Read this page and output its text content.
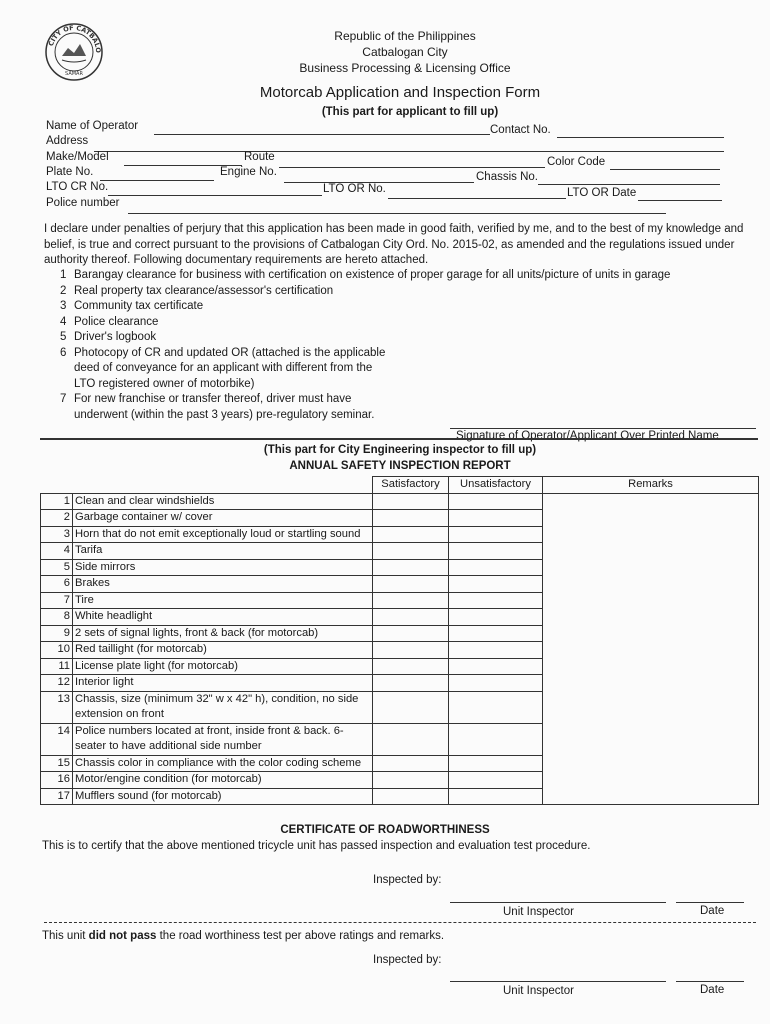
CITY OF CATBALO
SAMAR
Republic of the Philippines
Catbalogan City
Business Processing & Licensing Office
Motorcab Application and Inspection Form
(This part for applicant to fill up)
Name of Operator	Contact No.
Address
Make/Model	Route	Color Code
Plate No.	Engine No.	Chassis No.
LTO CR No.	LTO OR No.	LTO OR Date
Police number
I declare under penalties of perjury that this application has been made in good faith, verified by me, and to the best of my knowledge and belief, is true and correct pursuant to the provisions of Catbalogan City Ord. No. 2015-02, as amended and the regulations issued under authority thereof. Following documentary requirements are hereto attached.
1 Barangay clearance for business with certification on existence of proper garage for all units/picture of units in garage
2 Real property tax clearance/assessor's certification
3 Community tax certificate
4 Police clearance
5 Driver's logbook
6 Photocopy of CR and updated OR (attached is the applicable deed of conveyance for an applicant with different from the LTO registered owner of motorbike)
7 For new franchise or transfer thereof, driver must have underwent (within the past 3 years) pre-regulatory seminar.
Signature of Operator/Applicant Over Printed Name
(This part for City Engineering inspector to fill up)
ANNUAL SAFETY INSPECTION REPORT
		Satisfactory	Unsatisfactory	Remarks
1	Clean and clear windshields			
2	Garbage container w/ cover			
3	Horn that do not emit exceptionally loud or startling sound			
4	Tarifa			
5	Side mirrors			
6	Brakes			
7	Tire			
8	White headlight			
9	2 sets of signal lights, front & back (for motorcab)			
10	Red taillight (for motorcab)			
11	License plate light (for motorcab)			
12	Interior light			
13	Chassis, size (minimum 32" w x 42" h), condition, no side extension on front			
14	Police numbers located at front, inside front & back. 6-seater to have additional side number			
15	Chassis color in compliance with the color coding scheme			
16	Motor/engine condition (for motorcab)			
17	Mufflers sound (for motorcab)			
CERTIFICATE OF ROADWORTHINESS
This is to certify that the above mentioned tricycle unit has passed inspection and evaluation test procedure.
Inspected by:
Unit Inspector	Date
This unit did not pass the road worthiness test per above ratings and remarks.
Inspected by:
Unit Inspector	Date
